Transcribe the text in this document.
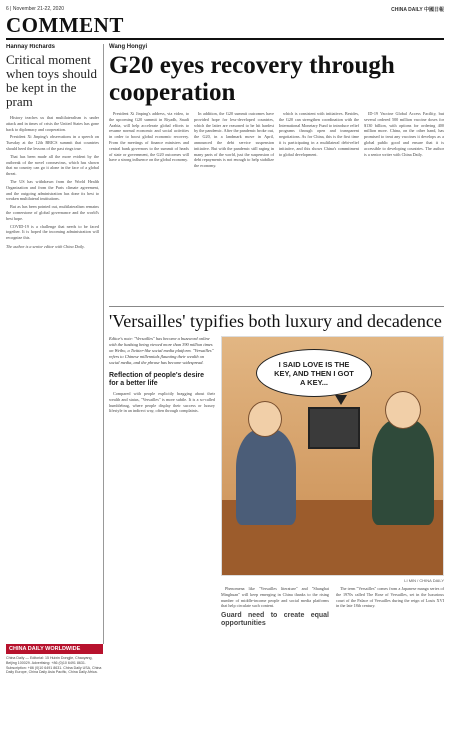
6 | November 21-22, 2020	CHINA DAILY 中國日報
COMMENT
Hannay Richards
Critical moment when toys should be kept in the pram

History teaches us that multilateralism is under attack and in times of crisis the United States has gone back to diplomacy and cooperation.

President Xi Jinping's observations in a speech on Tuesday at the 12th BRICS summit that countries should heed the lessons of the past rings true.

That has been made all the more evident by the outbreak of the novel coronavirus, which has shown that no country can go it alone in the face of a global threat.

The US has withdrawn from the World Health Organization and from the Paris climate agreement, and the outgoing administration has done its best to weaken multilateral institutions.

But as has been pointed out, multilateralism remains the cornerstone of global governance and the world's best hope.

COVID-19 is a challenge that needs to be faced together. It is hoped the incoming administration will recognize this.

The author is a senior editor with China Daily.
Wang Hongyi
G20 eyes recovery through cooperation

President Xi Jinping's address, via video, to the upcoming G20 summit in Riyadh, Saudi Arabia, will help accelerate global efforts to resume normal economic and social activities in order to boost global economic recovery. From the meetings of finance ministers and central bank governors to the summit of heads of state or government, the G20 outcomes will have a strong influence on the global economy.

In addition, the G20 summit outcomes have provided hope for less-developed countries, which the latter are reasoned to be hit hardest by the pandemic. After the pandemic broke out, the G20, in a landmark move in April, announced the debt service suspension initiative. But with the pandemic still raging in many parts of the world, just the suspension of debt repayments is not enough to help stabilize the economy.

which is consistent with initiatives. Besides, the G20 can strengthen coordination with the International Monetary Fund to introduce relief programs through open and transparent negotiations. As for China, this is the first time it is participating in a multilateral debt-relief initiative, and this shows China's commitment to global development.

ID-19 Vaccine Global Access Facility, but several ordered 500 million vaccine doses for $130 billion, with options for ordering 400 million more. China, on the other hand, has promised to treat any vaccines it develops as a global public good and ensure that it is accessible to developing countries. The author is a senior writer with China Daily.

'Versailles' typifies both luxury and decadence
Editor's note: "Versailles" has become a buzzword online with the hashtag being viewed more than 390 million times on Weibo, a Twitter-like social media platform. "Versailles" refers to Chinese millennials flaunting their wealth on social media, and the phrase has become widespread.
Reflection of people's desire for a better life

Compared with people explicitly bragging about their wealth and status, "Versailles" is more subtle. It is a so-called humblebrag, where people display their success or luxury lifestyle in an indirect way, often through complaints.

I SAID LOVE IS THE KEY, AND THEN I GOT A KEY...
LI MIN / CHINA DAILY

Phenomena like "Versailles literature" and "Shanghai Minghuan" will keep emerging in China thanks to the rising number of middle-income people and social media platforms that help circulate such content.

Guard need to create equal opportunities

The term "Versailles" comes from a Japanese manga series of the 1970s called The Rose of Versailles, set in the luxurious court of the Palace of Versailles during the reign of Louis XVI in the late 18th century.

CHINA DAILY WORLDWIDE
China Daily — Editorial: 15 Huixin Dongjie, Chaoyang, Beijing 100029. Advertising: +86 (0)10 6491 8631. Subscription: +86 (0)10 6491 8631. China Daily USA, China Daily Europe, China Daily Asia Pacific, China Daily Africa.
